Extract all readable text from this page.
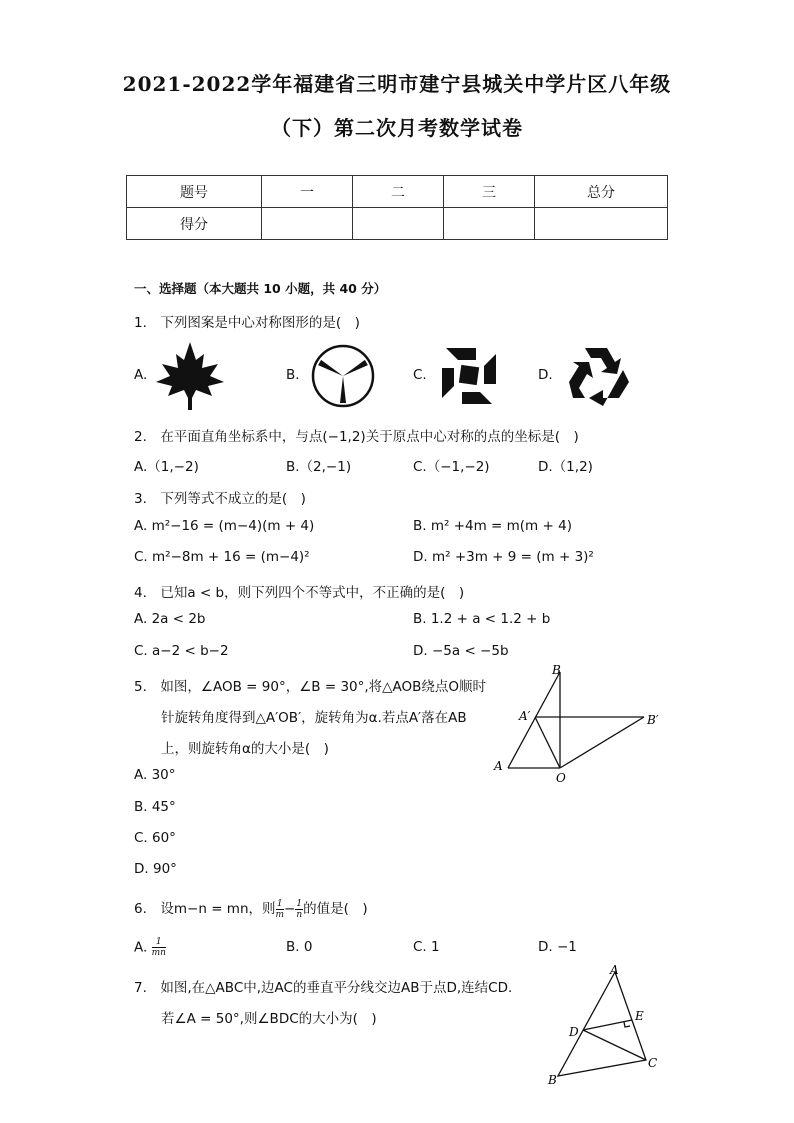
2021-2022学年福建省三明市建宁县城关中学片区八年级
（下）第二次月考数学试卷
题号	一	二	三	总分
得分				
一、选择题（本大题共 10 小题，共 40 分）
1.　下列图案是中心对称图形的是(　)
A.	B.	C.	D.
2.　在平面直角坐标系中，与点(−1,2)关于原点中心对称的点的坐标是(　)
A.（1,−2)	B.（2,−1)	C.（−1,−2)	D.（1,2)
3.　下列等式不成立的是(　)
A. m²−16 = (m−4)(m + 4)	B. m² +4m = m(m + 4)
C. m²−8m + 16 = (m−4)²	D. m² +3m + 9 = (m + 3)²
4.　已知a < b，则下列四个不等式中，不正确的是(　)
A. 2a < 2b	B. 1.2 + a < 1.2 + b
C. a−2 < b−2	D. −5a < −5b
5.　如图，∠AOB = 90°，∠B = 30°,将△AOB绕点O顺时
针旋转角度得到△A′OB′，旋转角为α.若点A′落在AB
上，则旋转角α的大小是(　)
A. 30°
B. 45°
C. 60°
D. 90°
B
A′	B′
A
O
6.　设m−n = mn，则 $\frac{1}{m} - \frac{1}{n}$ 的值是(　)
A. $\frac{1}{mn}$	B. 0	C. 1	D. −1
7.　如图,在△ABC中,边AC的垂直平分线交边AB于点D,连结CD.
若∠A = 50°,则∠BDC的大小为(　)
A
E
D
C
B
